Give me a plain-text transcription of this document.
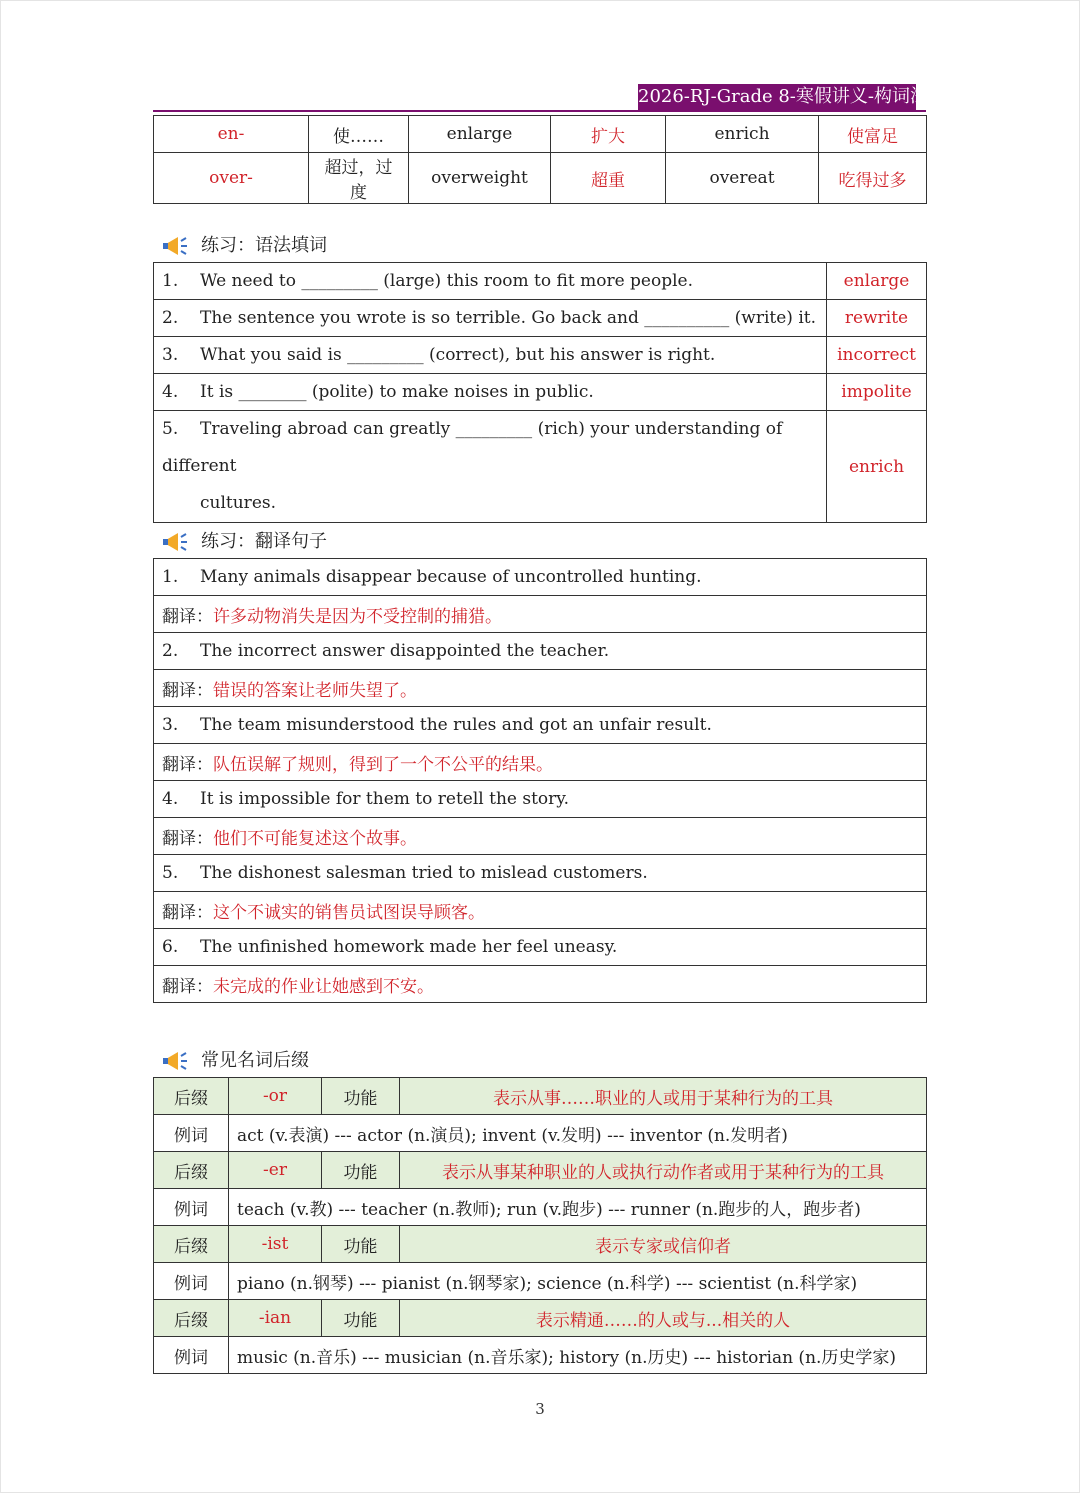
2026-RJ-Grade 8-寒假讲义-构词法
en-	使……	enlarge	扩大	enrich	使富足
over-	超过，过度	overweight	超重	overeat	吃得过多
练习：语法填词
1. We need to _________ (large) this room to fit more people.	enlarge
2. The sentence you wrote is so terrible. Go back and __________ (write) it.	rewrite
3. What you said is _________ (correct), but his answer is right.	incorrect
4. It is ________ (polite) to make noises in public.	impolite

5. Traveling abroad can greatly _________ (rich) your understanding of different
cultures.	enrich
练习：翻译句子
1. Many animals disappear because of uncontrolled hunting.
翻译：许多动物消失是因为不受控制的捕猎。
2. The incorrect answer disappointed the teacher.
翻译：错误的答案让老师失望了。
3. The team misunderstood the rules and got an unfair result.
翻译：队伍误解了规则，得到了一个不公平的结果。
4. It is impossible for them to retell the story.
翻译：他们不可能复述这个故事。
5. The dishonest salesman tried to mislead customers.
翻译：这个不诚实的销售员试图误导顾客。
6. The unfinished homework made her feel uneasy.
翻译：未完成的作业让她感到不安。
常见名词后缀
后缀	-or	功能	表示从事……职业的人或用于某种行为的工具
例词	act (v.表演) --- actor (n.演员); invent (v.发明) --- inventor (n.发明者)		
后缀	-er	功能	表示从事某种职业的人或执行动作者或用于某种行为的工具
例词	teach (v.教) --- teacher (n.教师); run (v.跑步) --- runner (n.跑步的人，跑步者)		
后缀	-ist	功能	表示专家或信仰者
例词	piano (n.钢琴) --- pianist (n.钢琴家); science (n.科学) --- scientist (n.科学家)		
后缀	-ian	功能	表示精通……的人或与...相关的人
例词	music (n.音乐) --- musician (n.音乐家); history (n.历史) --- historian (n.历史学家)		
3
